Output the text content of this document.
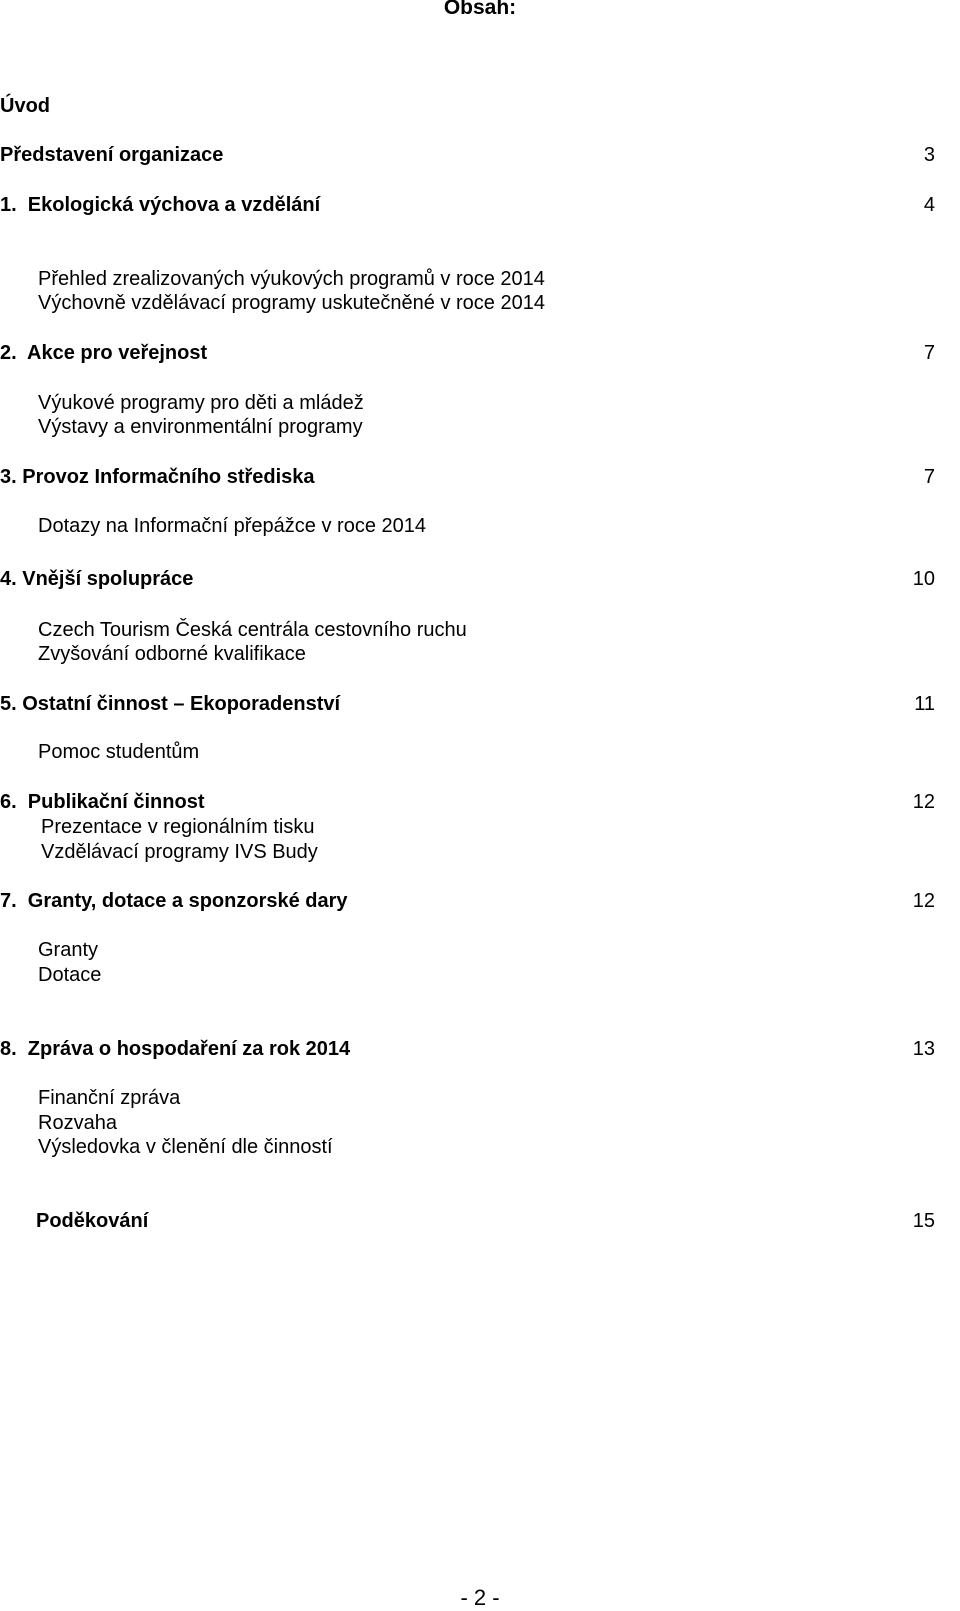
Obsah:
Úvod
Představení organizace	3
1.  Ekologická výchova a vzdělání	4
Přehled zrealizovaných výukových programů v roce 2014
Výchovně vzdělávací programy uskutečněné v roce 2014
2.  Akce pro veřejnost	7
Výukové programy pro děti a mládež
Výstavy a environmentální programy
3. Provoz Informačního střediska	7
Dotazy na Informační přepážce v roce 2014
4. Vnější spolupráce	10
Czech Tourism Česká centrála cestovního ruchu
Zvyšování odborné kvalifikace
5. Ostatní činnost – Ekoporadenství	11
Pomoc studentům
6.  Publikační činnost	12
Prezentace v regionálním tisku
Vzdělávací programy IVS Budy
7.  Granty, dotace a sponzorské dary	12
Granty
Dotace
8.  Zpráva o hospodaření za rok 2014	13
Finanční zpráva
Rozvaha
Výsledovka v členění dle činností
Poděkování	15
- 2 -
